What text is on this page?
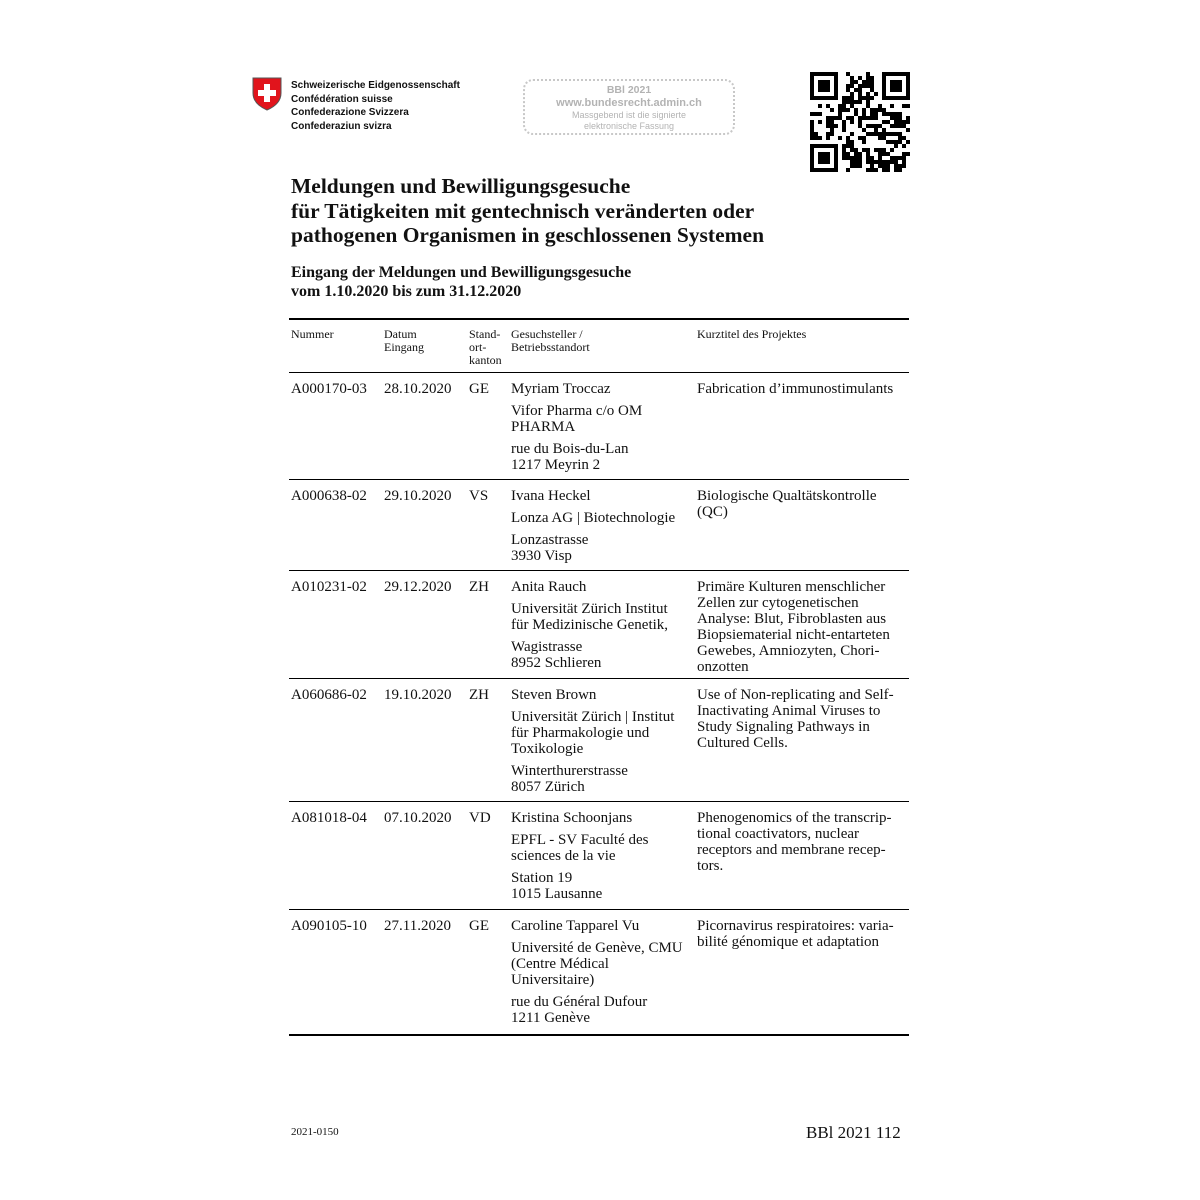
Schweizerische Eidgenossenschaft
Confédération suisse
Confederazione Svizzera
Confederaziun svizra
BBl 2021
www.bundesrecht.admin.ch
Massgebend ist die signierte
elektronische Fassung
Meldungen und Bewilligungsgesuche
für Tätigkeiten mit gentechnisch veränderten oder
pathogenen Organismen in geschlossenen Systemen
Eingang der Meldungen und Bewilligungsgesuche
vom 1.10.2020 bis zum 31.12.2020
Nummer	Datum
Eingang
Stand-
ort-
kanton
Gesuchsteller /
Betriebsstandort
Kurztitel des Projektes
A000170-03 28.10.2020 GE Myriam Troccaz
Vifor Pharma c/o OM
PHARMA
rue du Bois-du-Lan
1217 Meyrin 2
Fabrication d’immunostimulants
A000638-02 29.10.2020 VS Ivana Heckel
Lonza AG | Biotechnologie
Lonzastrasse
3930 Visp
Biologische Qualtätskontrolle
(QC)
A010231-02 29.12.2020 ZH Anita Rauch
Universität Zürich Institut
für Medizinische Genetik,
Wagistrasse
8952 Schlieren
Primäre Kulturen menschlicher
Zellen zur cytogenetischen
Analyse: Blut, Fibroblasten aus
Biopsiematerial nicht-entarteten
Gewebes, Amniozyten, Chori-
onzotten
A060686-02 19.10.2020 ZH Steven Brown
Universität Zürich | Institut
für Pharmakologie und
Toxikologie
Winterthurerstrasse
8057 Zürich
Use of Non-replicating and Self-
Inactivating Animal Viruses to
Study Signaling Pathways in
Cultured Cells.
A081018-04 07.10.2020 VD Kristina Schoonjans
EPFL - SV Faculté des
sciences de la vie
Station 19
1015 Lausanne
Phenogenomics of the transcrip-
tional coactivators, nuclear
receptors and membrane recep-
tors.
A090105-10 27.11.2020 GE Caroline Tapparel Vu
Université de Genève, CMU
(Centre Médical
Universitaire)
rue du Général Dufour
1211 Genève
Picornavirus respiratoires: varia-
bilité génomique et adaptation
2021-0150	BBl 2021 112
